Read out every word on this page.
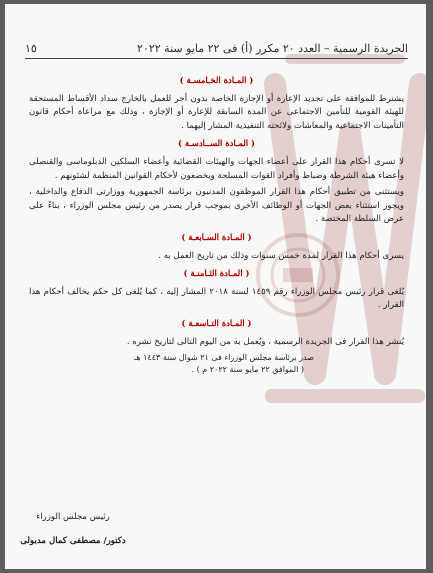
الجريدة الرسمية – العدد ٢٠ مكرر (أ) فى ٢٢ مايو سنة ٢٠٢٢
١٥
( المـادة الخـامسـة )

يشترط للموافقة على تجديد الإعارة أو الإجازة الخاصة بدون أجر للعمل بالخارج سداد الأقساط المستحقة للهيئة القومية للتأمين الاجتماعى عن المدة السابقة للإعارة أو الإجازة ، وذلك مع مراعاة أحكام قانون التأمينات الاجتماعية والمعاشات ولائحته التنفيذية المشار إليهما .

( المـادة الســادسـة )

لا تسرى أحكام هذا القرار على أعضاء الجهات والهيئات القضائية وأعضاء السلكين الدبلوماسى والقنصلى وأعضاء هيئة الشرطة وضباط وأفراد القوات المسلحة ويخضعون لأحكام القوانين المنظمة لشئونهم .

ويستثنى من تطبيق أحكام هذا القرار الموظفون المدنيون برئاسة الجمهورية ووزارتى الدفاع والداخلية ، ويجوز استثناء بعض الجهات أو الوظائف الأخرى بموجب قرار يصدر من رئيس مجلس الوزراء ، بناءً على عرض السلطة المختصة .

( المـادة السـابعـة )

يسرى أحكام هذا القرار لمدة خمس سنوات وذلك من تاريخ العمل به .

( المـادة الثـامنـة )

يُلغى قرار رئيس مجلس الوزراء رقم ١٤٥٩ لسنة ٢٠١٨ المشار إليه ، كما يُلغى كل حكم يخالف أحكام هذا القرار .

( المـادة التـاسعـة )

يُنشر هذا القرار فى الجريدة الرسمية ، ويُعمل به من اليوم التالى لتاريخ نشره .

صدر برئاسة مجلس الوزراء فى ٢١ شوال سنة ١٤٤٣ هـ

( الموافق ٢٢ مايو سنة ٢٠٢٢ م ) .

رئيس مجلس الوزراء
دكتور/ مصطفى كمال مدبولى
